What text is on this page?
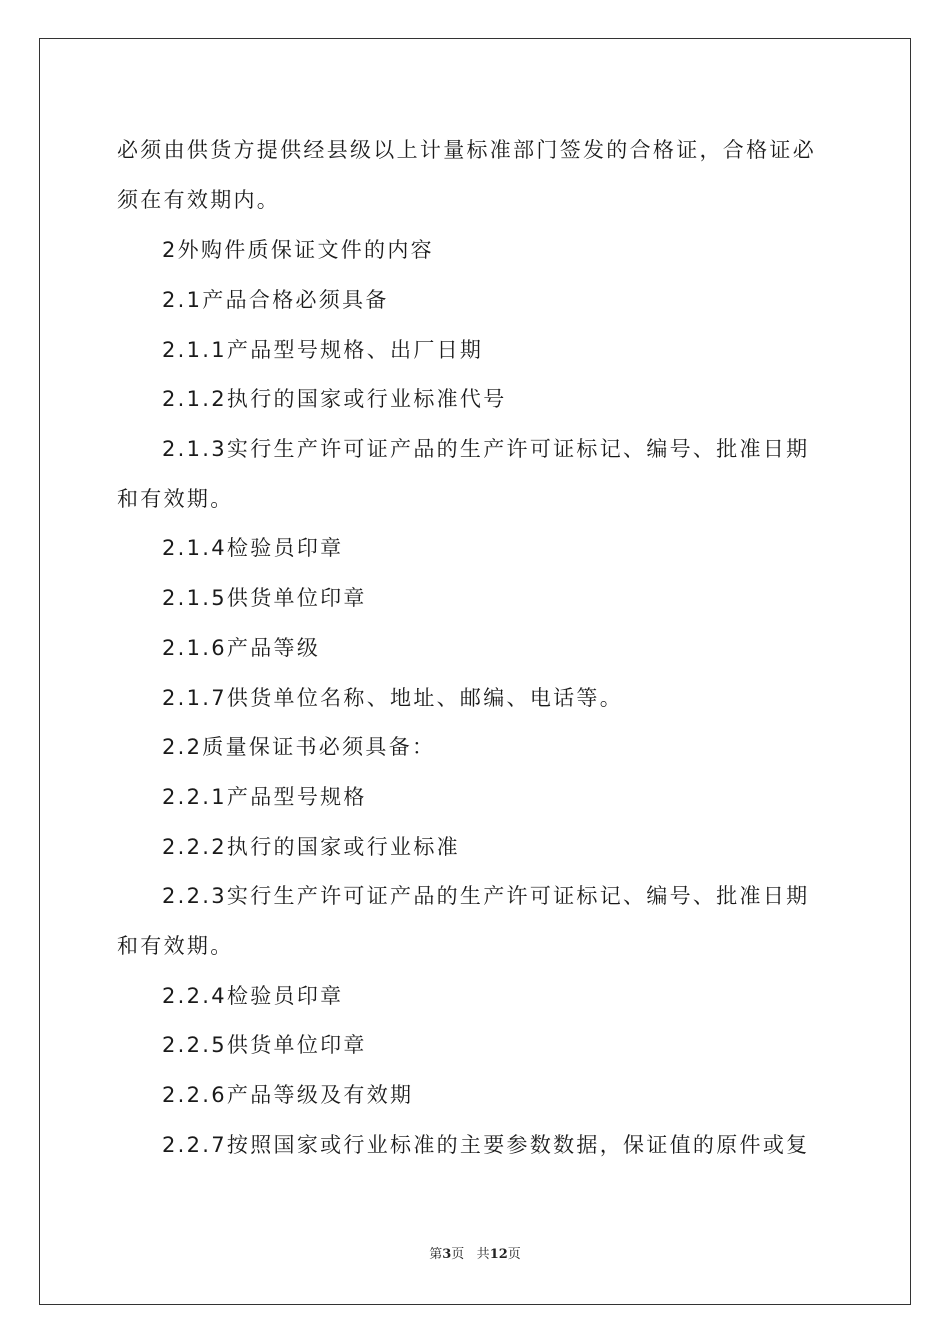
必须由供货方提供经县级以上计量标准部门签发的合格证，合格证必
须在有效期内。
2外购件质保证文件的内容
2.1产品合格必须具备
2.1.1产品型号规格、出厂日期
2.1.2执行的国家或行业标准代号
2.1.3实行生产许可证产品的生产许可证标记、编号、批准日期
和有效期。
2.1.4检验员印章
2.1.5供货单位印章
2.1.6产品等级
2.1.7供货单位名称、地址、邮编、电话等。
2.2质量保证书必须具备：
2.2.1产品型号规格
2.2.2执行的国家或行业标准
2.2.3实行生产许可证产品的生产许可证标记、编号、批准日期
和有效期。
2.2.4检验员印章
2.2.5供货单位印章
2.2.6产品等级及有效期
2.2.7按照国家或行业标准的主要参数数据，保证值的原件或复
第3页 共12页
